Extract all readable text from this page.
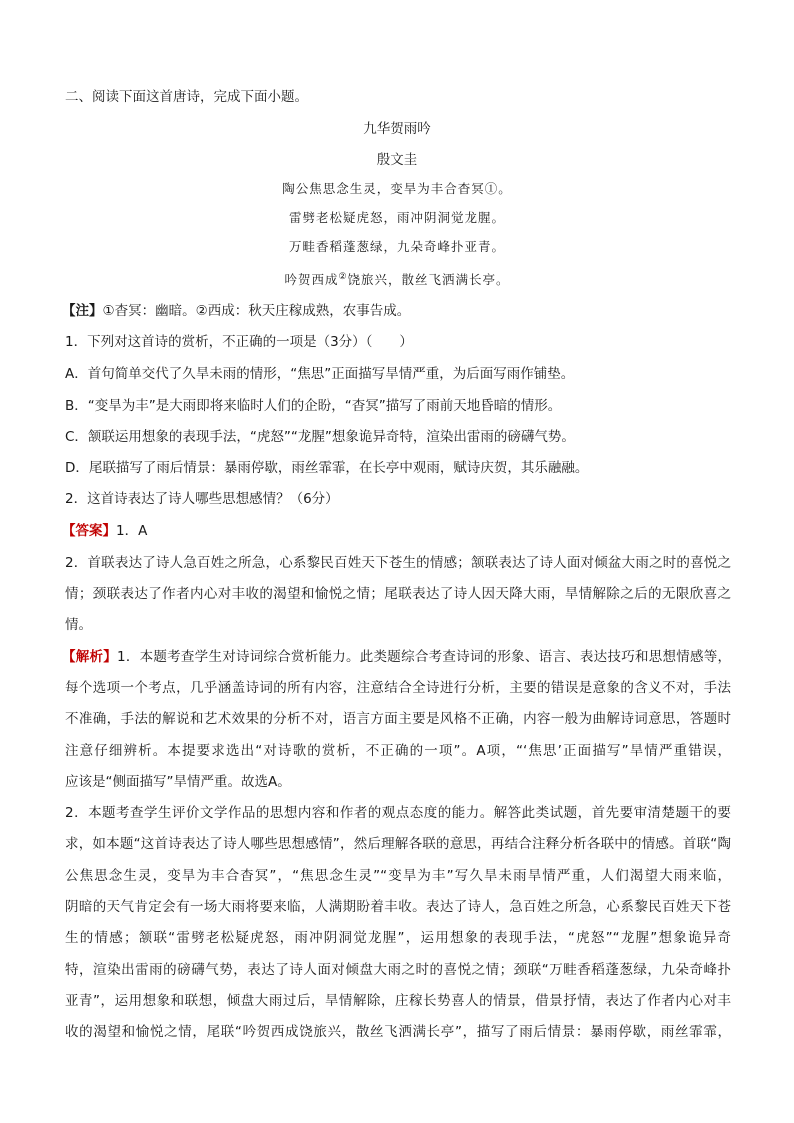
二、阅读下面这首唐诗，完成下面小题。
九华贺雨吟
殷文圭
陶公焦思念生灵，变旱为丰合杳冥①。
雷劈老松疑虎怒，雨冲阴洞觉龙腥。
万畦香稻蓬葱绿，九朵奇峰扑亚青。
吟贺西成②饶旅兴，散丝飞洒满长亭。
【注】①杳冥：幽暗。②西成：秋天庄稼成熟，农事告成。
1．下列对这首诗的赏析，不正确的一项是（3分）（　　）
A．首句简单交代了久旱未雨的情形，“焦思”正面描写旱情严重，为后面写雨作铺垫。
B．“变旱为丰”是大雨即将来临时人们的企盼，“杳冥”描写了雨前天地昏暗的情形。
C．颔联运用想象的表现手法，“虎怒”“龙腥”想象诡异奇特，渲染出雷雨的磅礴气势。
D．尾联描写了雨后情景：暴雨停歇，雨丝霏霏，在长亭中观雨，赋诗庆贺，其乐融融。
2．这首诗表达了诗人哪些思想感情？（6分）
【答案】1．A
2．首联表达了诗人急百姓之所急，心系黎民百姓天下苍生的情感；颔联表达了诗人面对倾盆大雨之时的喜悦之
情；颈联表达了作者内心对丰收的渴望和愉悦之情；尾联表达了诗人因天降大雨，旱情解除之后的无限欣喜之
情。
【解析】1．本题考查学生对诗词综合赏析能力。此类题综合考查诗词的形象、语言、表达技巧和思想情感等，
每个选项一个考点，几乎涵盖诗词的所有内容，注意结合全诗进行分析，主要的错误是意象的含义不对，手法
不准确，手法的解说和艺术效果的分析不对，语言方面主要是风格不正确，内容一般为曲解诗词意思，答题时
注意仔细辨析。本提要求选出“对诗歌的赏析，不正确的一项”。A项，“‘焦思’正面描写”旱情严重错误，
应该是“侧面描写”旱情严重。故选A。
2．本题考查学生评价文学作品的思想内容和作者的观点态度的能力。解答此类试题，首先要审清楚题干的要
求，如本题“这首诗表达了诗人哪些思想感情”，然后理解各联的意思，再结合注释分析各联中的情感。首联“陶
公焦思念生灵，变旱为丰合杳冥”，“焦思念生灵”“变旱为丰”写久旱未雨旱情严重，人们渴望大雨来临，
阴暗的天气肯定会有一场大雨将要来临，人满期盼着丰收。表达了诗人，急百姓之所急，心系黎民百姓天下苍
生的情感；颔联“雷劈老松疑虎怒，雨冲阴洞觉龙腥”，运用想象的表现手法，“虎怒”“龙腥”想象诡异奇
特，渲染出雷雨的磅礴气势，表达了诗人面对倾盘大雨之时的喜悦之情；颈联“万畦香稻蓬葱绿，九朵奇峰扑
亚青”，运用想象和联想，倾盘大雨过后，旱情解除，庄稼长势喜人的情景，借景抒情，表达了作者内心对丰
收的渴望和愉悦之情，尾联“吟贺西成饶旅兴，散丝飞洒满长亭”，描写了雨后情景：暴雨停歇，雨丝霏霏，
